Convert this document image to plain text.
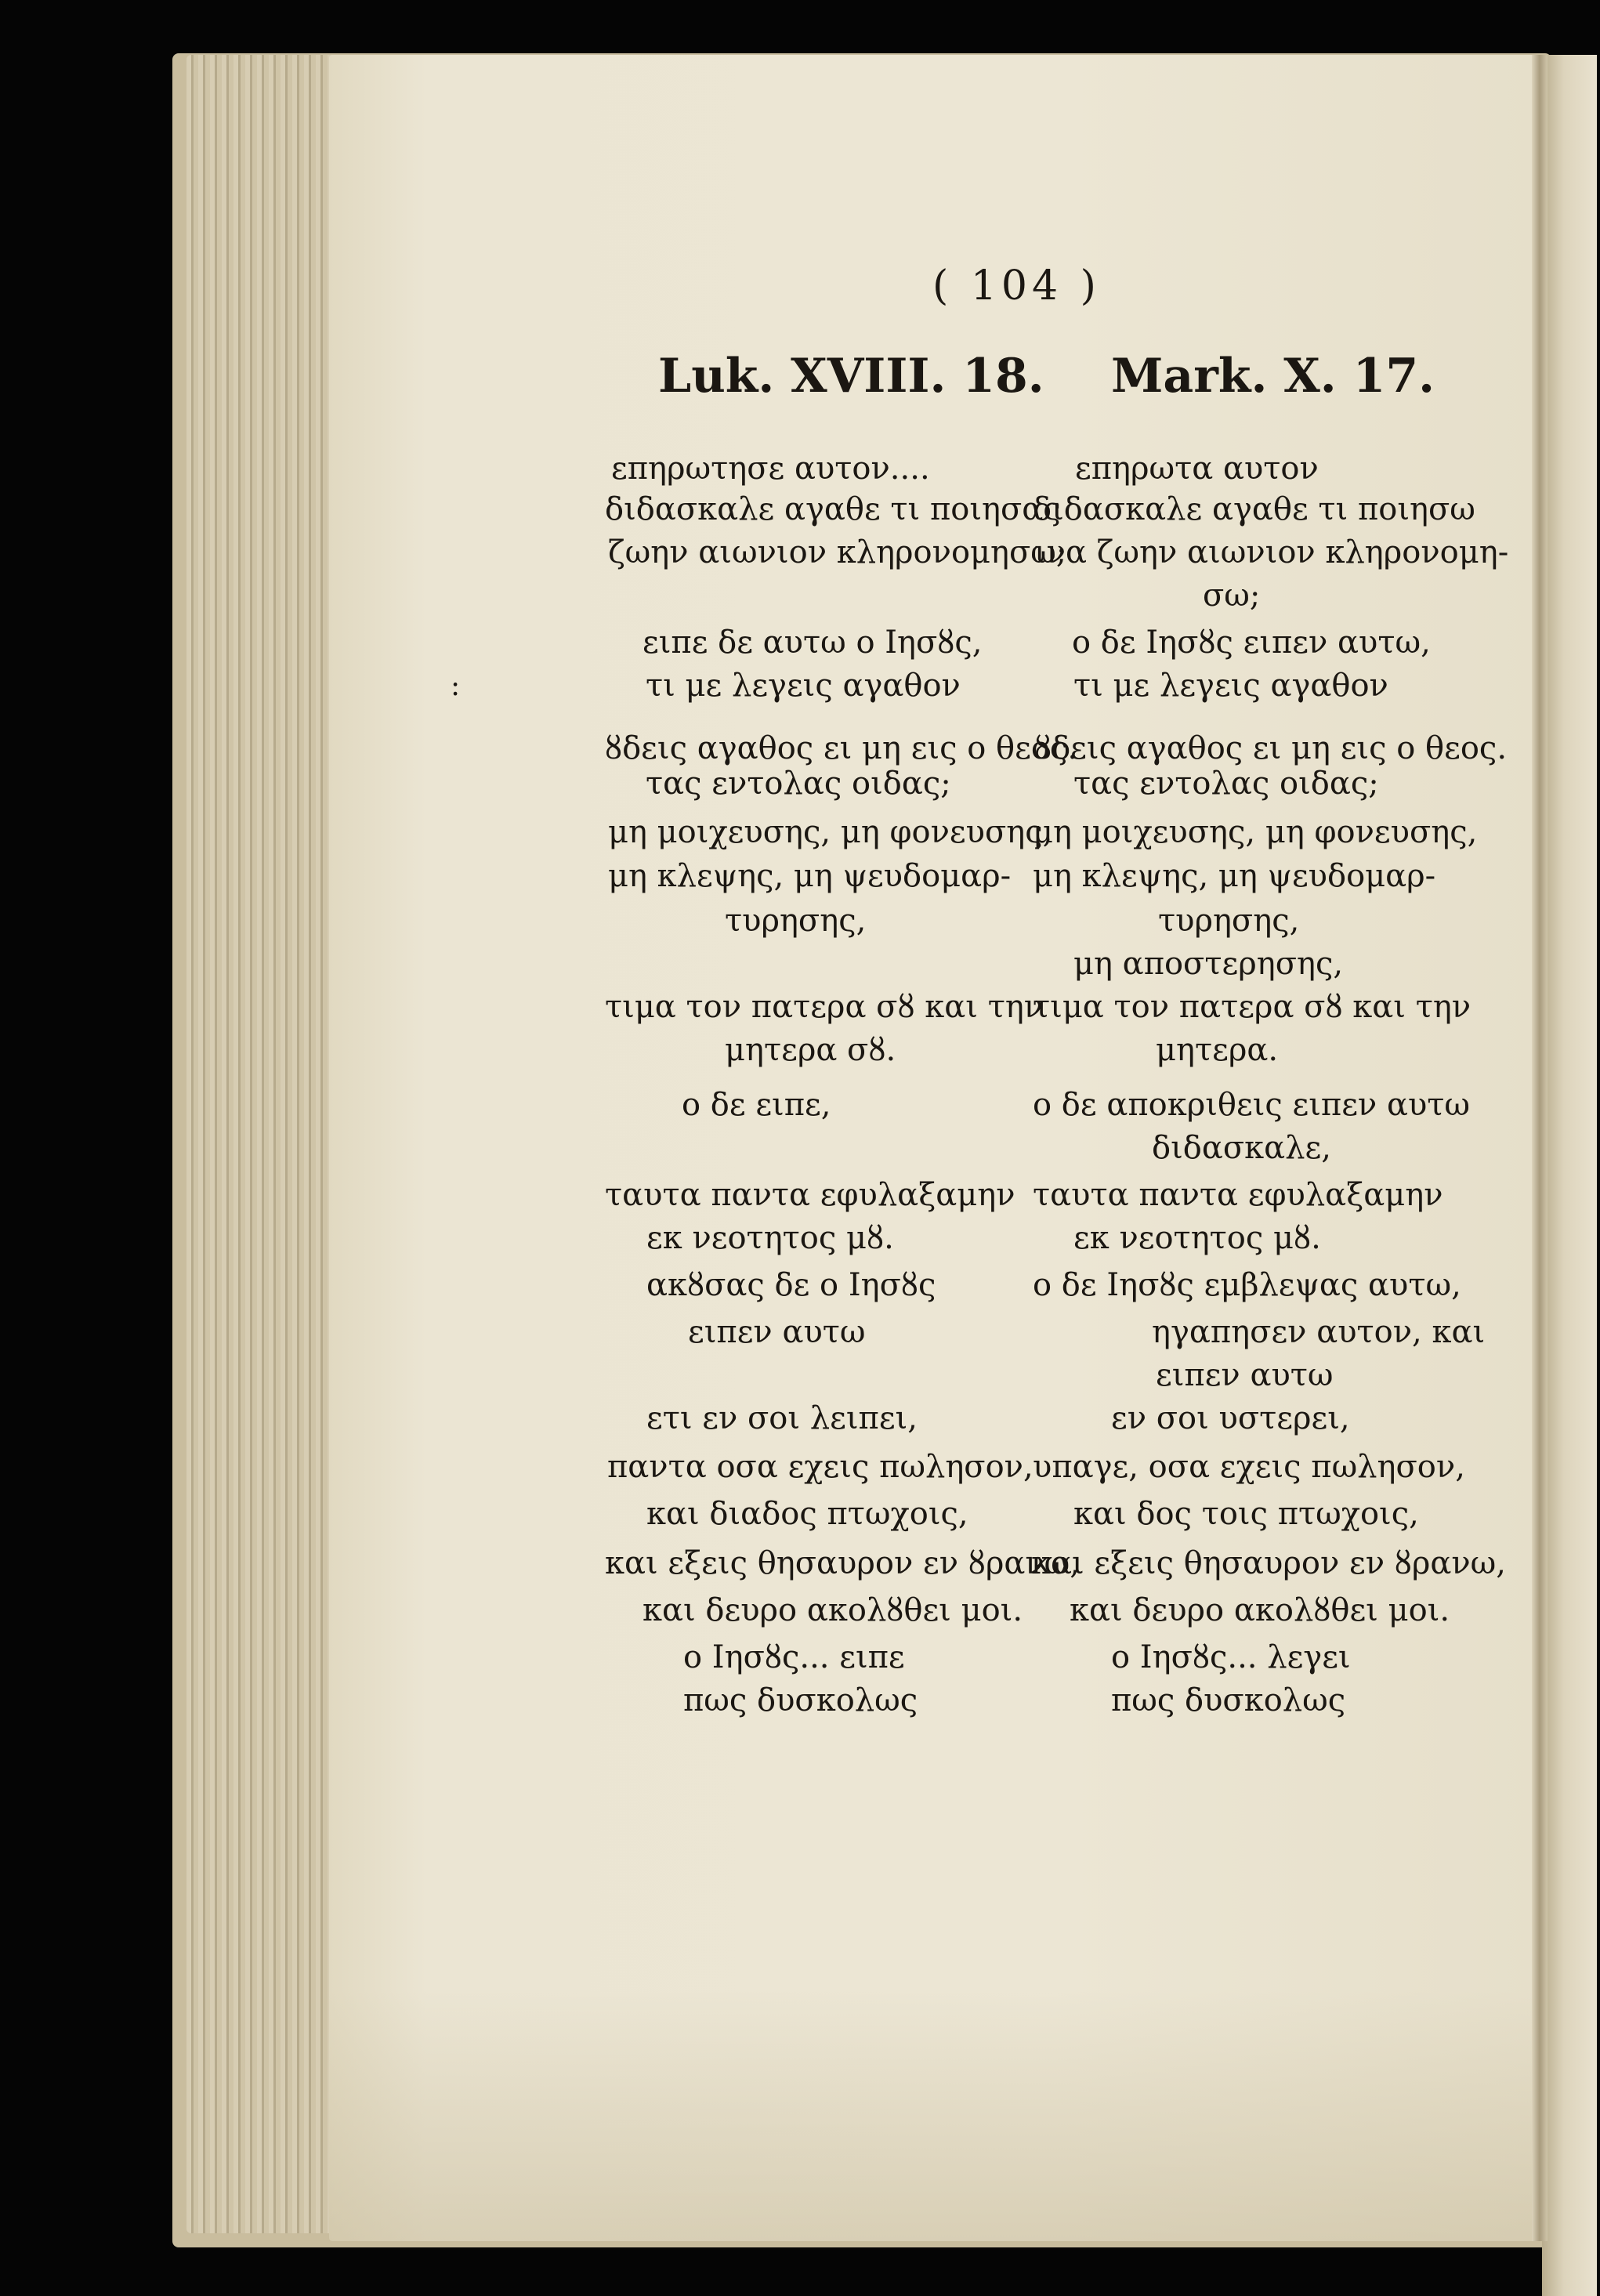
( 104 )
Luk. XVIII. 18. Mark. X. 17.
:
επηρωτησε αυτον....
διδασκαλε αγαθε τι ποιησας
ζωην αιωνιον κληρονομησω;
ειπε δε αυτω ο Ιησȣς,
τι με λεγεις αγαθον
ȣδεις αγαθος ει μη εις ο θεος.
τας εντολας οιδας;
μη μοιχευσης, μη φονευσης,
μη κλεψης, μη ψευδομαρ-
τυρησης,
τιμα τον πατερα σȣ και την
μητερα σȣ.
ο δε ειπε,
ταυτα παντα εφυλαξαμην
εκ νεοτητος μȣ.
ακȣσας δε ο Ιησȣς
ειπεν αυτω
ετι εν σοι λειπει,
παντα οσα εχεις πωλησον,
και διαδος πτωχοις,
και εξεις θησαυρον εν ȣρανω,
και δευρο ακολȣθει μοι.
ο Ιησȣς... ειπε
πως δυσκολως
επηρωτα αυτον
διδασκαλε αγαθε τι ποιησω
ινα ζωην αιωνιον κληρονομη-
σω;
ο δε Ιησȣς ειπεν αυτω,
τι με λεγεις αγαθον
ȣδεις αγαθος ει μη εις ο θεος.
τας εντολας οιδας;
μη μοιχευσης, μη φονευσης,
μη κλεψης, μη ψευδομαρ-
τυρησης,
μη αποστερησης,
τιμα τον πατερα σȣ και την
μητερα.
ο δε αποκριθεις ειπεν αυτω
διδασκαλε,
ταυτα παντα εφυλαξαμην
εκ νεοτητος μȣ.
ο δε Ιησȣς εμβλεψας αυτω,
ηγαπησεν αυτον, και
ειπεν αυτω
εν σοι υστερει,
υπαγε, οσα εχεις πωλησον,
και δος τοις πτωχοις,
και εξεις θησαυρον εν ȣρανω,
και δευρο ακολȣθει μοι.
ο Ιησȣς... λεγει
πως δυσκολως
